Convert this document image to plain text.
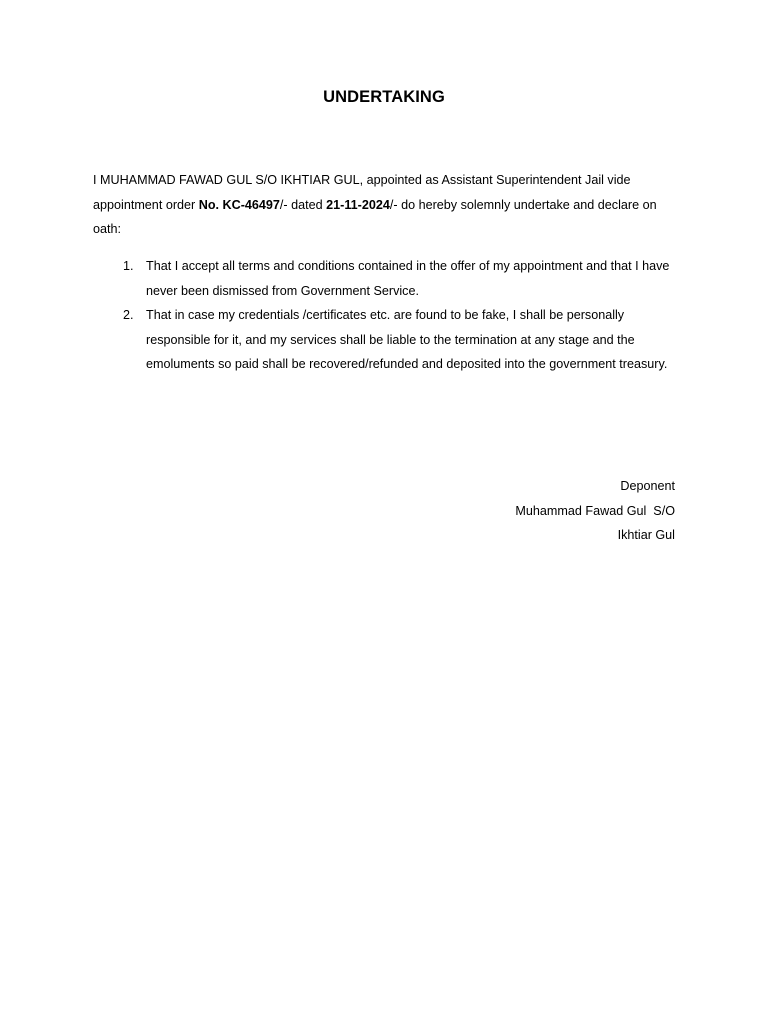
UNDERTAKING

I MUHAMMAD FAWAD GUL S/O IKHTIAR GUL, appointed as Assistant Superintendent Jail vide appointment order No. KC-46497/- dated 21-11-2024/- do hereby solemnly undertake and declare on oath:

1. That I accept all terms and conditions contained in the offer of my appointment and that I have never been dismissed from Government Service.
2. That in case my credentials /certificates etc. are found to be fake, I shall be personally responsible for it, and my services shall be liable to the termination at any stage and the emoluments so paid shall be recovered/refunded and deposited into the government treasury.
Deponent
Muhammad Fawad Gul  S/O
Ikhtiar Gul
